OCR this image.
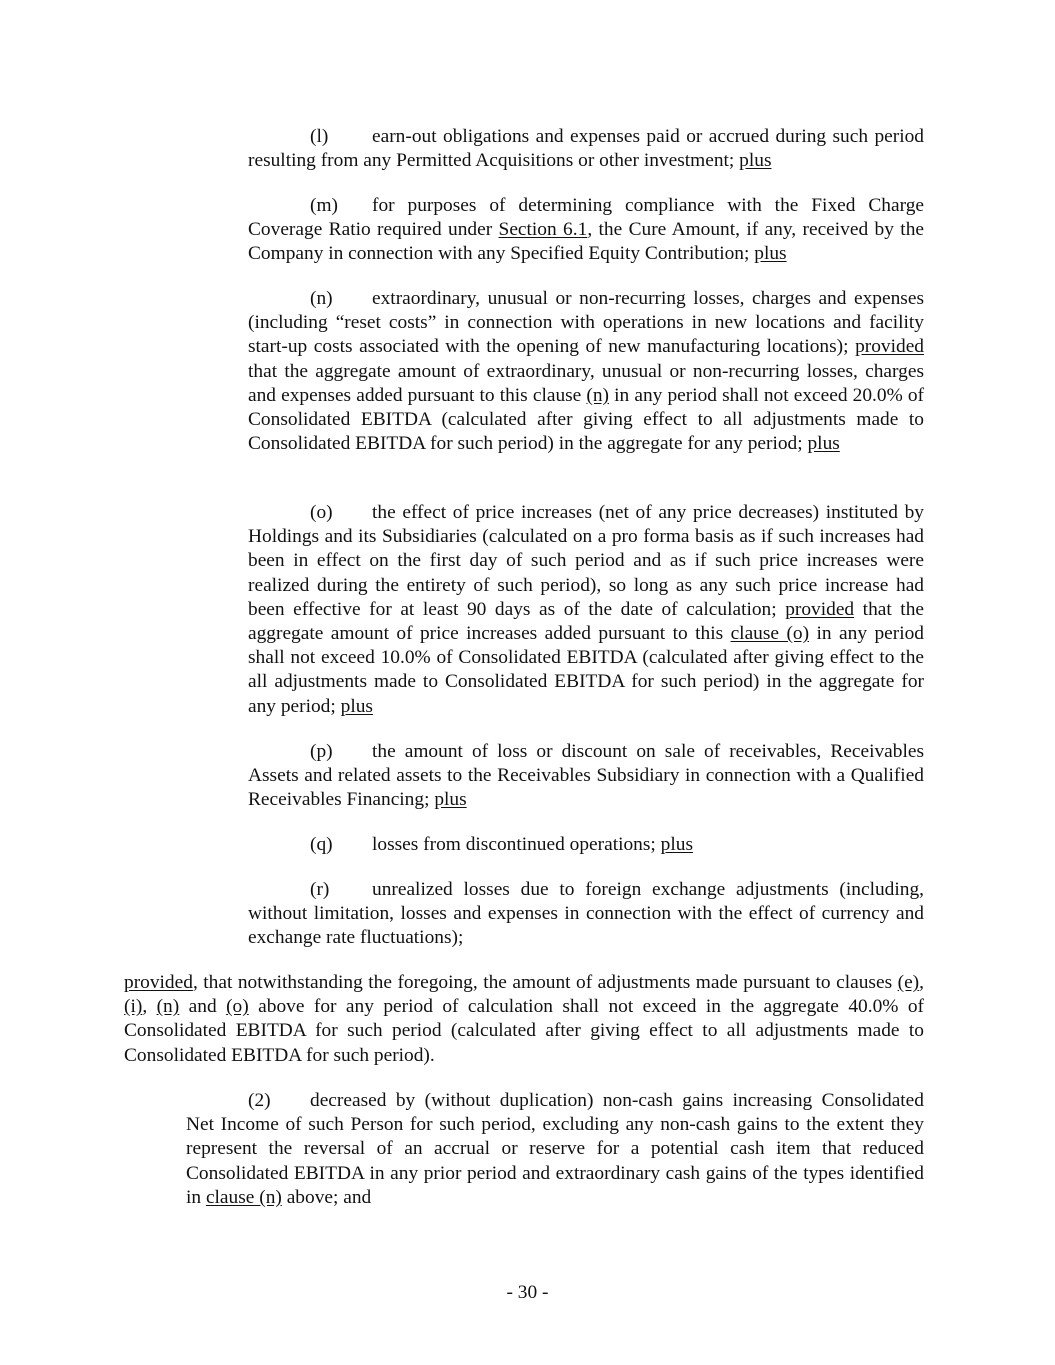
(l) earn-out obligations and expenses paid or accrued during such period resulting from any Permitted Acquisitions or other investment; plus

(m) for purposes of determining compliance with the Fixed Charge Coverage Ratio required under Section 6.1, the Cure Amount, if any, received by the Company in connection with any Specified Equity Contribution; plus

(n) extraordinary, unusual or non-recurring losses, charges and expenses (including “reset costs” in connection with operations in new locations and facility start-up costs associated with the opening of new manufacturing locations); provided that the aggregate amount of extraordinary, unusual or non-recurring losses, charges and expenses added pursuant to this clause (n) in any period shall not exceed 20.0% of Consolidated EBITDA (calculated after giving effect to all adjustments made to Consolidated EBITDA for such period) in the aggregate for any period; plus

(o) the effect of price increases (net of any price decreases) instituted by Holdings and its Subsidiaries (calculated on a pro forma basis as if such increases had been in effect on the first day of such period and as if such price increases were realized during the entirety of such period), so long as any such price increase had been effective for at least 90 days as of the date of calculation; provided that the aggregate amount of price increases added pursuant to this clause (o) in any period shall not exceed 10.0% of Consolidated EBITDA (calculated after giving effect to the all adjustments made to Consolidated EBITDA for such period) in the aggregate for any period; plus

(p) the amount of loss or discount on sale of receivables, Receivables Assets and related assets to the Receivables Subsidiary in connection with a Qualified Receivables Financing; plus

(q) losses from discontinued operations; plus

(r) unrealized losses due to foreign exchange adjustments (including, without limitation, losses and expenses in connection with the effect of currency and exchange rate fluctuations);

provided, that notwithstanding the foregoing, the amount of adjustments made pursuant to clauses (e), (i), (n) and (o) above for any period of calculation shall not exceed in the aggregate 40.0% of Consolidated EBITDA for such period (calculated after giving effect to all adjustments made to Consolidated EBITDA for such period).

(2) decreased by (without duplication) non-cash gains increasing Consolidated Net Income of such Person for such period, excluding any non-cash gains to the extent they represent the reversal of an accrual or reserve for a potential cash item that reduced Consolidated EBITDA in any prior period and extraordinary cash gains of the types identified in clause (n) above; and

- 30 -
